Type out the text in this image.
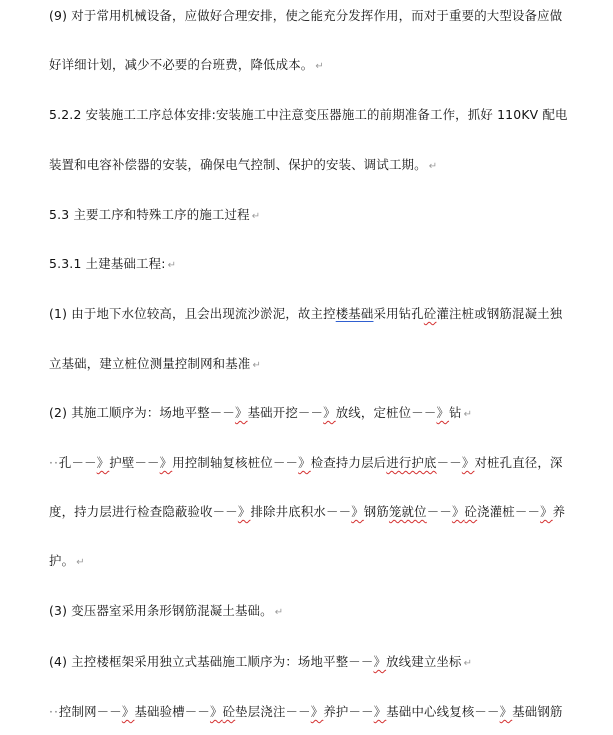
(9) 对于常用机械设备，应做好合理安排，使之能充分发挥作用，而对于重要的大型设备应做
好详细计划，减少不必要的台班费，降低成本。 ↵
5.2.2 安装施工工序总体安排:安装施工中注意变压器施工的前期准备工作，抓好 110KV 配电
装置和电容补偿器的安装，确保电气控制、保护的安装、调试工期。 ↵
5.3 主要工序和特殊工序的施工过程 ↵
5.3.1 土建基础工程: ↵
(1) 由于地下水位较高，且会出现流沙淤泥，故主控楼基础采用钻孔砼灌注桩或钢筋混凝土独
立基础，建立桩位测量控制网和基准 ↵
(2) 其施工顺序为：场地平整－－》基础开挖－－》放线，定桩位－－》钻 ↵
··孔－－》护壁－－》用控制轴复核桩位－－》检查持力层后进行护底－－》对桩孔直径，深
度，持力层进行检查隐蔽验收－－》排除井底积水－－》钢筋笼就位－－》砼浇灌桩－－》养
护。 ↵
(3) 变压器室采用条形钢筋混凝土基础。 ↵
(4) 主控楼框架采用独立式基础施工顺序为：场地平整－－》放线建立坐标 ↵
··控制网－－》基础验槽－－》砼垫层浇注－－》养护－－》基础中心线复核－－》基础钢筋
